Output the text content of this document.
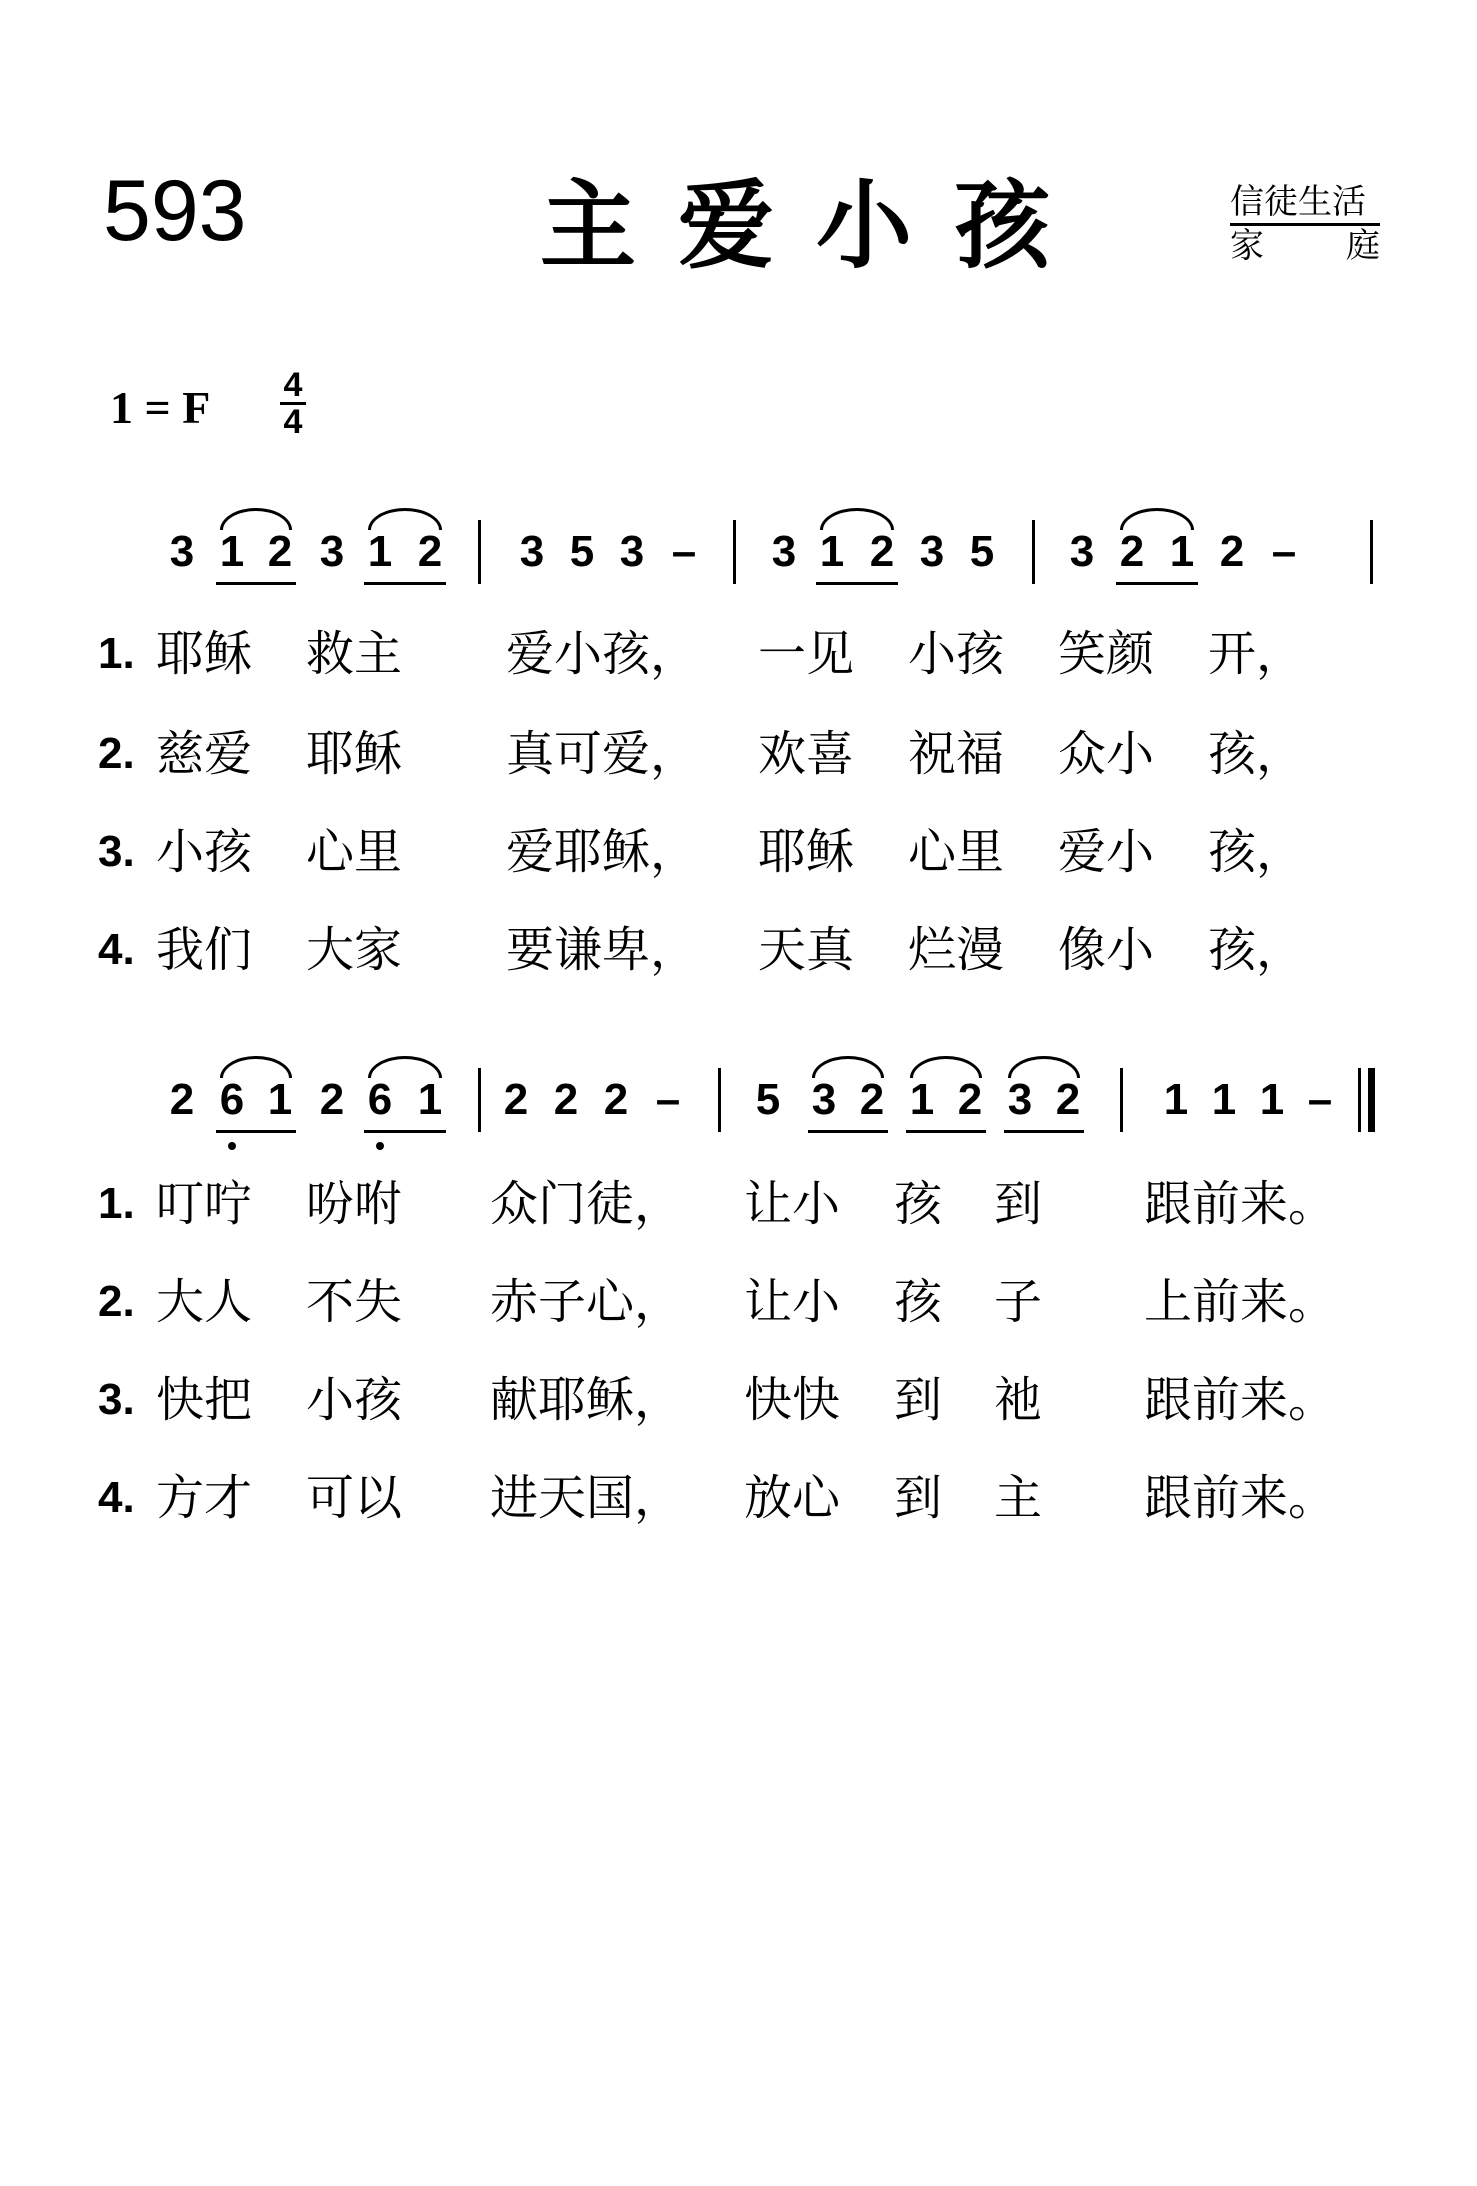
593	主爱小孩	信徒生活
家　　庭
1 = F 4
4
3 1 2 3 1 2 3 5 3 – 3 1 2 3 5 3 2 1 2 –
1. 耶稣 救主 爱小孩， 一见 小孩 笑颜 开，
2. 慈爱 耶稣 真可爱， 欢喜 祝福 众小 孩，
3. 小孩 心里 爱耶稣， 耶稣 心里 爱小 孩，
4. 我们 大家 要谦卑， 天真 烂漫 像小 孩，
2 6 1 2 6 1 2 2 2 – 5 3 2 1 2 3 2 1 1 1 –
1. 叮咛 吩咐 众门徒， 让小 孩 到 跟前来。
2. 大人 不失 赤子心， 让小 孩 子 上前来。
3. 快把 小孩 献耶稣， 快快 到 祂 跟前来。
4. 方才 可以 进天国， 放心 到 主 跟前来。
